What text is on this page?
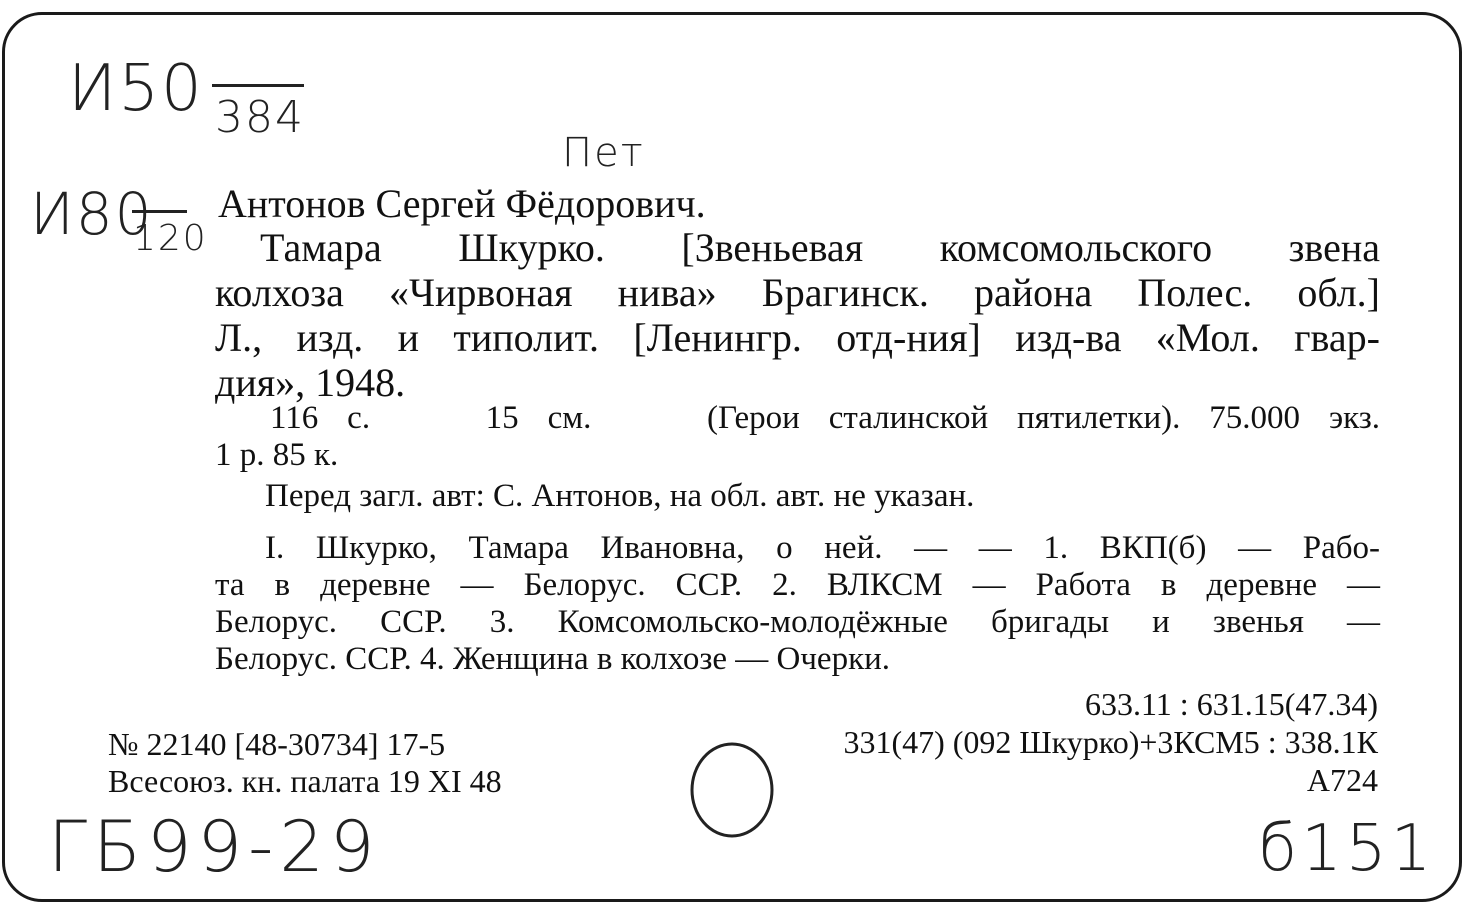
И50 384
И80
120
Пет
Антонов Сергей Фёдорович.
Тамара Шкурко. [Звеньевая комсомольского звена
колхоза «Чирвоная нива» Брагинск. района Полес. обл.]
Л., изд. и типолит. [Ленингр. отд-ния] изд-ва «Мол. гвар-
дия», 1948.
116 с.    15 см.    (Герои сталинской пятилетки). 75.000 экз.
1 р. 85 к.
Перед загл. авт: С. Антонов, на обл. авт. не указан.
I. Шкурко, Тамара Ивановна, о ней. — — 1. ВКП(б) — Рабо-
та в деревне — Белорус. ССР. 2. ВЛКСМ — Работа в деревне —
Белорус. ССР. 3. Комсомольско-молодёжные бригады и звенья —
Белорус. ССР. 4. Женщина в колхозе — Очерки.
№ 22140 [48-30734] 17-5
Всесоюз. кн. палата 19 XI 48
633.11 : 631.15(47.34)
331(47) (092 Шкурко)+3КСМ5 : 338.1К
А724
ГБ99-29	б151
